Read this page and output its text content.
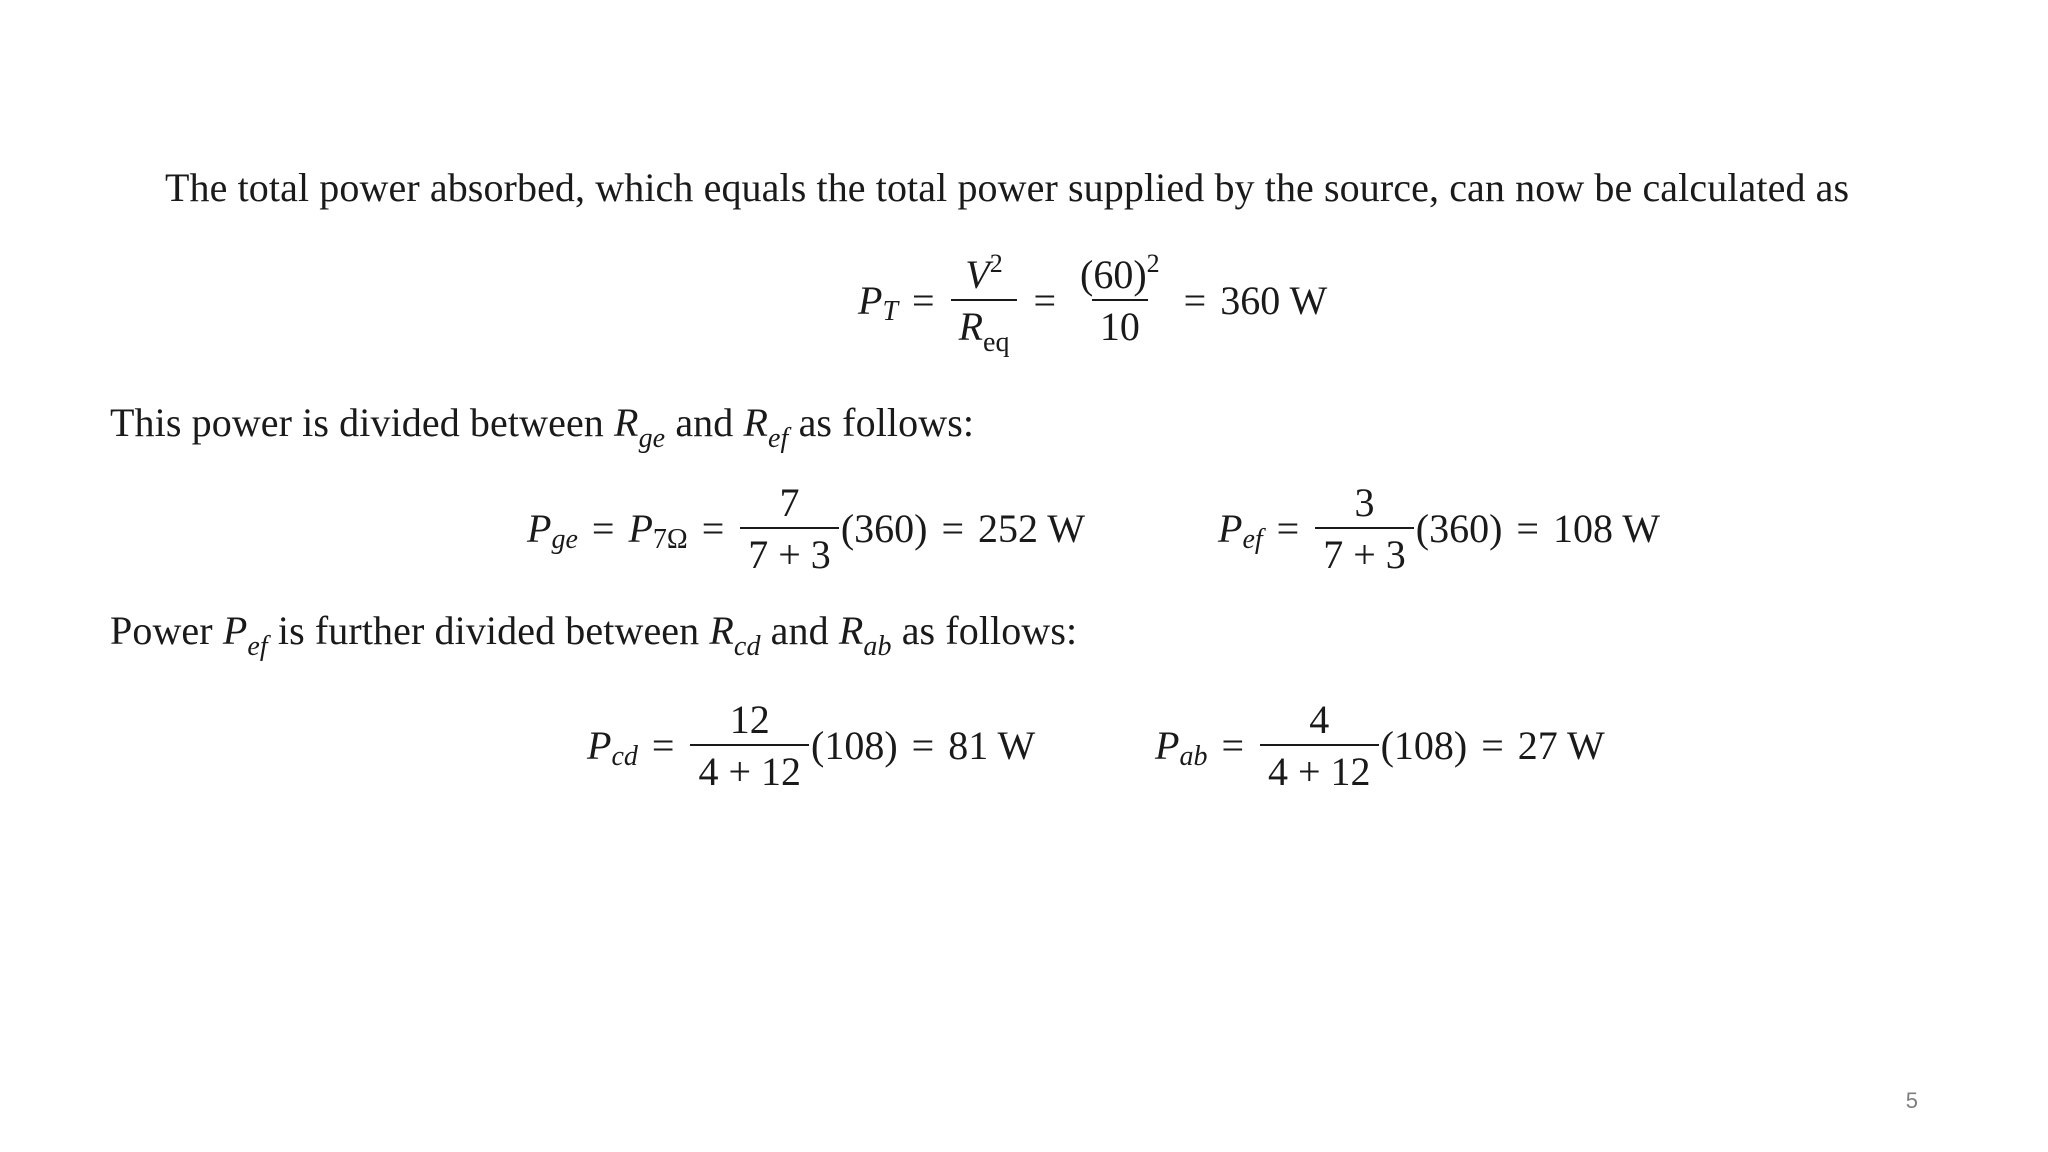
The total power absorbed, which equals the total power supplied by the source, can now be calculated as
P $T = \frac{V^2}{R_{eq}} = \frac{(60)^2}{10} = 360$ W
This power is divided between $R_{ge}$ and $R_{ef}$ as follows:
P ge = P $7\Omega = \frac{7}{7 + 3} (360) = 252$ W	P ef = $\frac{3}{7 + 3} (360) = 108$ W
Power $P_{ef}$ is further divided between $R_{cd}$ and $R_{ab}$ as follows:
P cd = $\frac{12}{4 + 12} (108) = 81$ W	P ab = $\frac{4}{4 + 12} (108) = 27$ W
5
